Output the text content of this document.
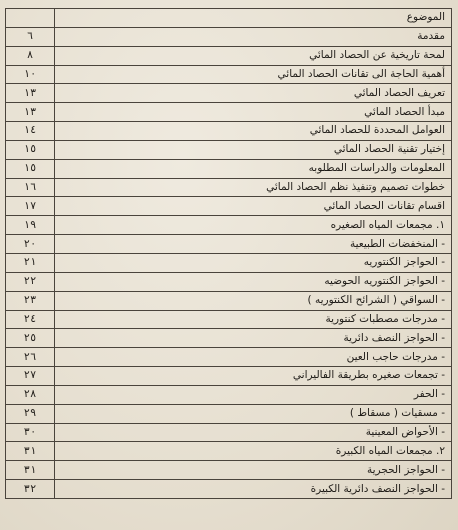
الموضوع	
مقدمة	٦
لمحة تاريخية عن الحصاد المائي	٨
أهمية الحاجة الى تقانات الحصاد المائي	١٠
تعريف الحصاد المائي	١٣
مبدأ الحصاد المائي	١٣
العوامل المحددة للحصاد المائي	١٤
إختيار تقنية الحصاد المائي	١٥
المعلومات والدراسات المطلوبه	١٥
خطوات تصميم وتنفيذ نظم الحصاد المائي	١٦
اقسام تقانات الحصاد المائي	١٧
١. مجمعات المياه الصغيره	١٩
- المنخفضات الطبيعية	٢٠
- الحواجز الكنتوريه	٢١
- الحواجز الكنتوريه الحوضيه	٢٢
- السواقي ( الشرائح الكنتوريه )	٢٣
- مدرجات مصطبات كنتورية	٢٤
- الحواجز النصف دائرية	٢٥
- مدرجات حاجب العين	٢٦
- تجمعات صغيره بطريقة الفاليراني	٢٧
- الحفر	٢٨
- مسقيات ( مسقاط )	٢٩
- الأحواض المعينية	٣٠
٢. مجمعات المياه الكبيرة	٣١
- الحواجز الحجرية	٣١
- الحواجز النصف دائرية الكبيرة	٣٢
